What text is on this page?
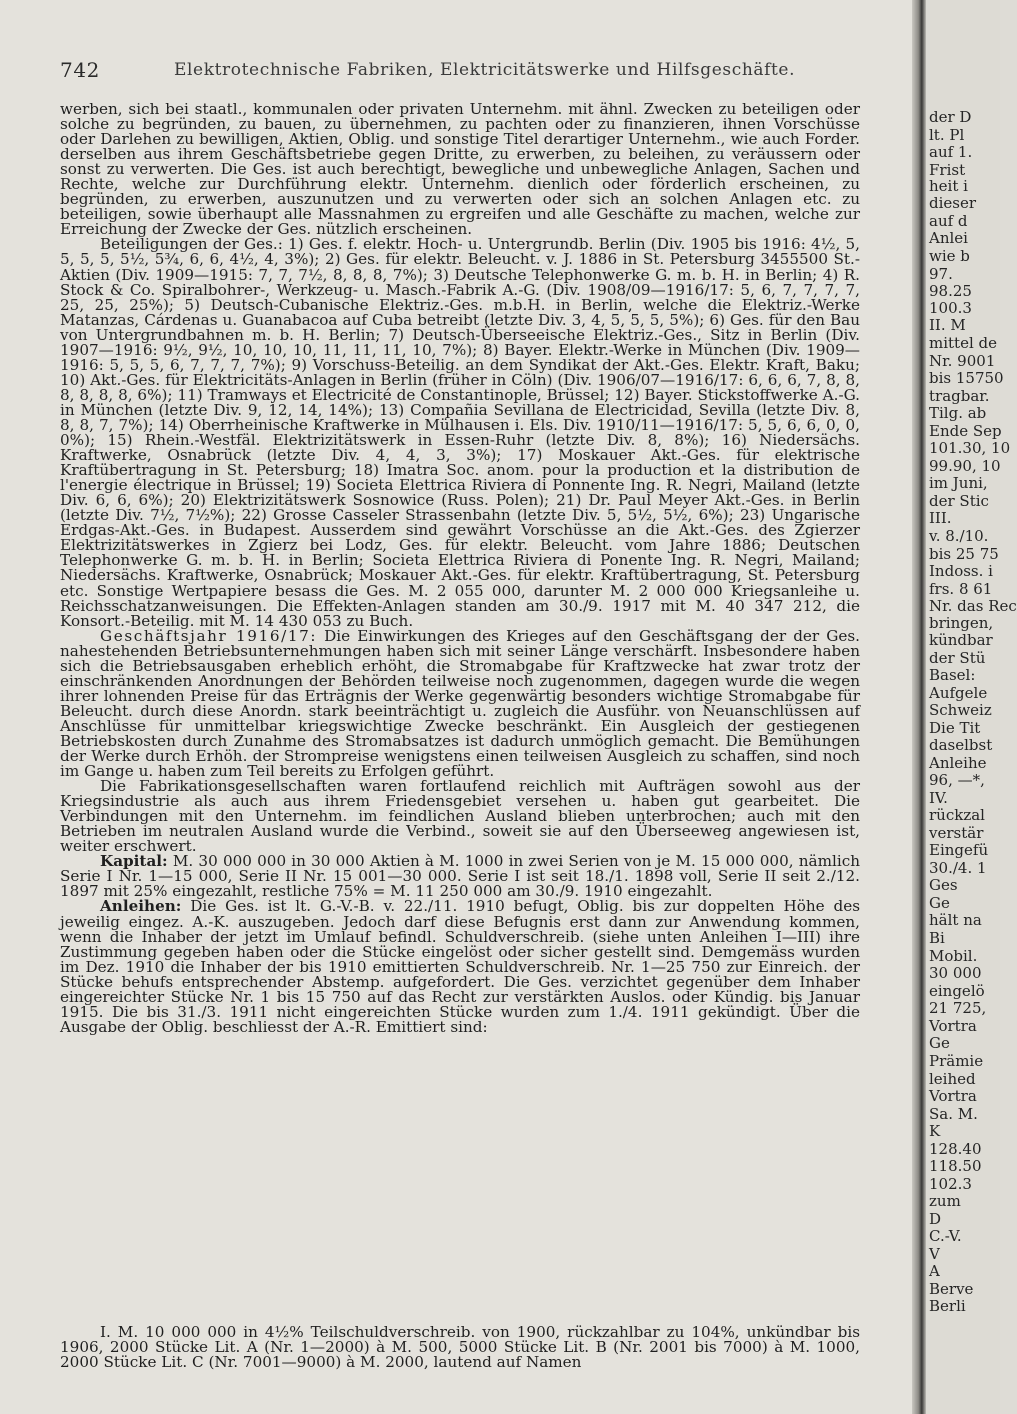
742	Elektrotechnische Fabriken, Elektricitätswerke und Hilfsgeschäfte.

werben, sich bei staatl., kommunalen oder privaten Unternehm. mit ähnl. Zwecken zu beteiligen oder solche zu begründen, zu bauen, zu übernehmen, zu pachten oder zu finanzieren, ihnen Vorschüsse oder Darlehen zu bewilligen, Aktien, Oblig. und sonstige Titel derartiger Unternehm., wie auch Forder. derselben aus ihrem Geschäftsbetriebe gegen Dritte, zu erwerben, zu beleihen, zu veräussern oder sonst zu verwerten. Die Ges. ist auch berechtigt, bewegliche und unbewegliche Anlagen, Sachen und Rechte, welche zur Durchführung elektr. Unternehm. dienlich oder förderlich erscheinen, zu begründen, zu erwerben, auszunutzen und zu verwerten oder sich an solchen Anlagen etc. zu beteiligen, sowie überhaupt alle Massnahmen zu ergreifen und alle Geschäfte zu machen, welche zur Erreichung der Zwecke der Ges. nützlich erscheinen.

Beteiligungen der Ges.: 1) Ges. f. elektr. Hoch- u. Untergrundb. Berlin (Div. 1905 bis 1916: 4½, 5, 5, 5, 5, 5½, 5¾, 6, 6, 4½, 4, 3%); 2) Ges. für elektr. Beleucht. v. J. 1886 in St. Petersburg 3455500 St.-Aktien (Div. 1909—1915: 7, 7, 7½, 8, 8, 8, 7%); 3) Deutsche Telephonwerke G. m. b. H. in Berlin; 4) R. Stock & Co. Spiralbohrer-, Werkzeug- u. Masch.-Fabrik A.-G. (Div. 1908/09—1916/17: 5, 6, 7, 7, 7, 7, 25, 25, 25%); 5) Deutsch-Cubanische Elektriz.-Ges. m.b.H. in Berlin, welche die Elektriz.-Werke Matanzas, Cárdenas u. Guanabacoa auf Cuba betreibt (letzte Div. 3, 4, 5, 5, 5, 5%); 6) Ges. für den Bau von Untergrundbahnen m. b. H. Berlin; 7) Deutsch-Überseeische Elektriz.-Ges., Sitz in Berlin (Div. 1907—1916: 9½, 9½, 10, 10, 10, 11, 11, 11, 10, 7%); 8) Bayer. Elektr.-Werke in München (Div. 1909—1916: 5, 5, 5, 6, 7, 7, 7, 7%); 9) Vorschuss-Beteilig. an dem Syndikat der Akt.-Ges. Elektr. Kraft, Baku; 10) Akt.-Ges. für Elektricitäts-Anlagen in Berlin (früher in Cöln) (Div. 1906/07—1916/17: 6, 6, 6, 7, 8, 8, 8, 8, 8, 8, 6%); 11) Tramways et Electricité de Constantinople, Brüssel; 12) Bayer. Stickstoffwerke A.-G. in München (letzte Div. 9, 12, 14, 14%); 13) Compañia Sevillana de Electricidad, Sevilla (letzte Div. 8, 8, 8, 7, 7%); 14) Oberrheinische Kraftwerke in Mülhausen i. Els. Div. 1910/11—1916/17: 5, 5, 6, 6, 0, 0, 0%); 15) Rhein.-Westfäl. Elektrizitätswerk in Essen-Ruhr (letzte Div. 8, 8%); 16) Niedersächs. Kraftwerke, Osnabrück (letzte Div. 4, 4, 3, 3%); 17) Moskauer Akt.-Ges. für elektrische Kraftübertragung in St. Petersburg; 18) Imatra Soc. anom. pour la production et la distribution de l'energie électrique in Brüssel; 19) Societa Elettrica Riviera di Ponnente Ing. R. Negri, Mailand (letzte Div. 6, 6, 6%); 20) Elektrizitätswerk Sosnowice (Russ. Polen); 21) Dr. Paul Meyer Akt.-Ges. in Berlin (letzte Div. 7½, 7½%); 22) Grosse Casseler Strassenbahn (letzte Div. 5, 5½, 5½, 6%); 23) Ungarische Erdgas-Akt.-Ges. in Budapest. Ausserdem sind gewährt Vorschüsse an die Akt.-Ges. des Zgierzer Elektrizitätswerkes in Zgierz bei Lodz, Ges. für elektr. Beleucht. vom Jahre 1886; Deutschen Telephonwerke G. m. b. H. in Berlin; Societa Elettrica Riviera di Ponente Ing. R. Negri, Mailand; Niedersächs. Kraftwerke, Osnabrück; Moskauer Akt.-Ges. für elektr. Kraftübertragung, St. Petersburg etc. Sonstige Wertpapiere besass die Ges. M. 2 055 000, darunter M. 2 000 000 Kriegsanleihe u. Reichsschatzanweisungen. Die Effekten-Anlagen standen am 30./9. 1917 mit M. 40 347 212, die Konsort.-Beteilig. mit M. 14 430 053 zu Buch.

Geschäftsjahr 1916/17: Die Einwirkungen des Krieges auf den Geschäftsgang der der Ges. nahestehenden Betriebsunternehmungen haben sich mit seiner Länge verschärft. Insbesondere haben sich die Betriebsausgaben erheblich erhöht, die Stromabgabe für Kraftzwecke hat zwar trotz der einschränkenden Anordnungen der Behörden teilweise noch zugenommen, dagegen wurde die wegen ihrer lohnenden Preise für das Erträgnis der Werke gegenwärtig besonders wichtige Stromabgabe für Beleucht. durch diese Anordn. stark beeinträchtigt u. zugleich die Ausführ. von Neuanschlüssen auf Anschlüsse für unmittelbar kriegswichtige Zwecke beschränkt. Ein Ausgleich der gestiegenen Betriebskosten durch Zunahme des Stromabsatzes ist dadurch unmöglich gemacht. Die Bemühungen der Werke durch Erhöh. der Strompreise wenigstens einen teilweisen Ausgleich zu schaffen, sind noch im Gange u. haben zum Teil bereits zu Erfolgen geführt.

Die Fabrikationsgesellschaften waren fortlaufend reichlich mit Aufträgen sowohl aus der Kriegsindustrie als auch aus ihrem Friedensgebiet versehen u. haben gut gearbeitet. Die Verbindungen mit den Unternehm. im feindlichen Ausland blieben unterbrochen; auch mit den Betrieben im neutralen Ausland wurde die Verbind., soweit sie auf den Überseeweg angewiesen ist, weiter erschwert.

Kapital: M. 30 000 000 in 30 000 Aktien à M. 1000 in zwei Serien von je M. 15 000 000, nämlich Serie I Nr. 1—15 000, Serie II Nr. 15 001—30 000. Serie I ist seit 18./1. 1898 voll, Serie II seit 2./12. 1897 mit 25% eingezahlt, restliche 75% = M. 11 250 000 am 30./9. 1910 eingezahlt.

Anleihen: Die Ges. ist lt. G.-V.-B. v. 22./11. 1910 befugt, Oblig. bis zur doppelten Höhe des jeweilig eingez. A.-K. auszugeben. Jedoch darf diese Befugnis erst dann zur Anwendung kommen, wenn die Inhaber der jetzt im Umlauf befindl. Schuldverschreib. (siehe unten Anleihen I—III) ihre Zustimmung gegeben haben oder die Stücke eingelöst oder sicher gestellt sind. Demgemäss wurden im Dez. 1910 die Inhaber der bis 1910 emittierten Schuldverschreib. Nr. 1—25 750 zur Einreich. der Stücke behufs entsprechender Abstemp. aufgefordert. Die Ges. verzichtet gegenüber dem Inhaber eingereichter Stücke Nr. 1 bis 15 750 auf das Recht zur verstärkten Auslos. oder Kündig. bis Januar 1915. Die bis 31./3. 1911 nicht eingereichten Stücke wurden zum 1./4. 1911 gekündigt. Über die Ausgabe der Oblig. beschliesst der A.-R. Emittiert sind:

I. M. 10 000 000 in 4½% Teilschuldverschreib. von 1900, rückzahlbar zu 104%, unkündbar bis 1906, 2000 Stücke Lit. A (Nr. 1—2000) à M. 500, 5000 Stücke Lit. B (Nr. 2001 bis 7000) à M. 1000, 2000 Stücke Lit. C (Nr. 7001—9000) à M. 2000, lautend auf Namen

der D
lt. Pl
auf 1.
Frist
heit i
dieser
auf d
Anlei
wie b
97.
98.25
100.3
II. M
mittel de
Nr. 9001
bis 15750
tragbar.
Tilg. ab
Ende Sep
101.30, 10
99.90, 10
im Juni,
der Stic
III.
v. 8./10.
bis 25 75
Indoss. i
frs. 8 61
Nr. das Rec
bringen,
kündbar
der Stü
Basel:
Aufgele
Schweiz
Die Tit
daselbst
Anleihe
96, —*,
IV.
rückzal
verstär
Eingefü
30./4. 1
Ges
Ge
hält na
Bi
Mobil.
30 000
eingelö
21 725,
Vortra
Ge
Prämie
leihed
Vortra
Sa. M.
K
128.40
118.50
102.3
zum
D
C.-V.
V
A
Berve
Berli
